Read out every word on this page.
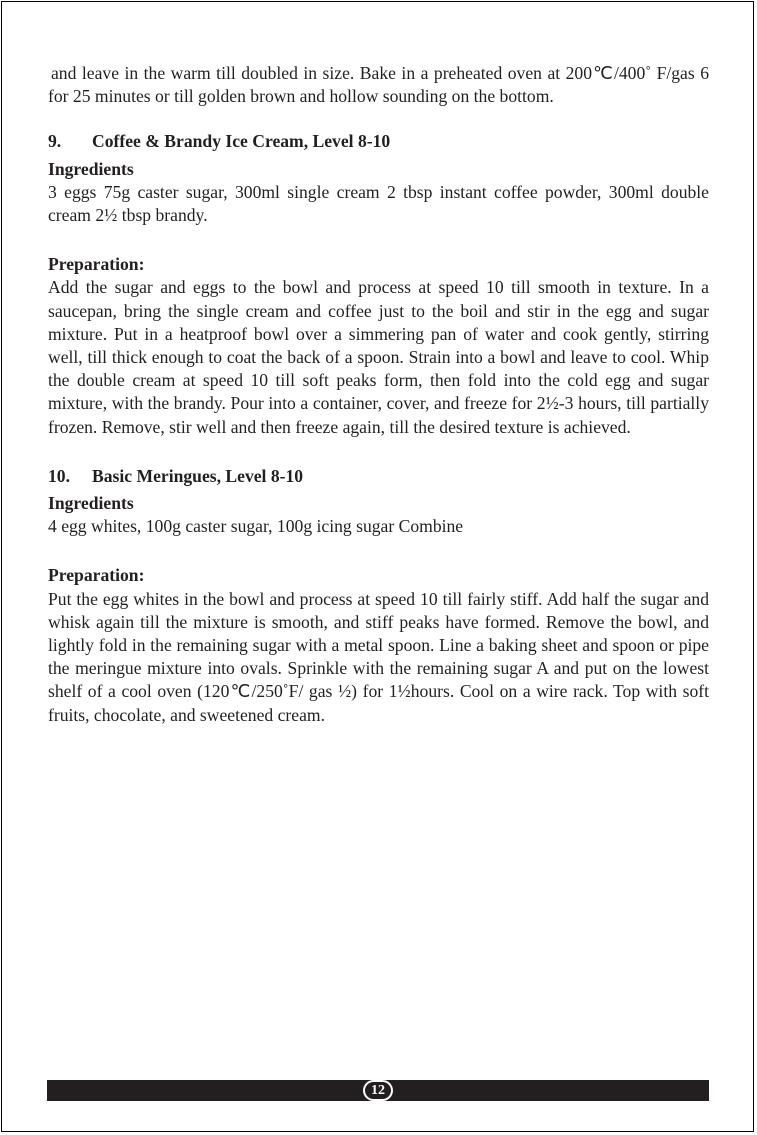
and leave in the warm till doubled in size. Bake in a preheated oven at 200℃/400˚ F/gas 6 for 25 minutes or till golden brown and hollow sounding on the bottom.

9. Coffee & Brandy Ice Cream, Level 8-10

Ingredients

3 eggs 75g caster sugar, 300ml single cream 2 tbsp instant coffee powder, 300ml double cream 2½ tbsp brandy.

Preparation:

Add the sugar and eggs to the bowl and process at speed 10 till smooth in texture. In a saucepan, bring the single cream and coffee just to the boil and stir in the egg and sugar mixture. Put in a heatproof bowl over a simmering pan of water and cook gently, stirring well, till thick enough to coat the back of a spoon. Strain into a bowl and leave to cool. Whip the double cream at speed 10 till soft peaks form, then fold into the cold egg and sugar mixture, with the brandy. Pour into a container, cover, and freeze for 2½-3 hours, till partially frozen. Remove, stir well and then freeze again, till the desired texture is achieved.

10. Basic Meringues, Level 8-10

Ingredients

4 egg whites, 100g caster sugar, 100g icing sugar Combine

Preparation:

Put the egg whites in the bowl and process at speed 10 till fairly stiff. Add half the sugar and whisk again till the mixture is smooth, and stiff peaks have formed. Remove the bowl, and lightly fold in the remaining sugar with a metal spoon. Line a baking sheet and spoon or pipe the meringue mixture into ovals. Sprinkle with the remaining sugar A and put on the lowest shelf of a cool oven (120℃/250˚F/ gas ½) for 1½hours. Cool on a wire rack. Top with soft fruits, chocolate, and sweetened cream.

12
